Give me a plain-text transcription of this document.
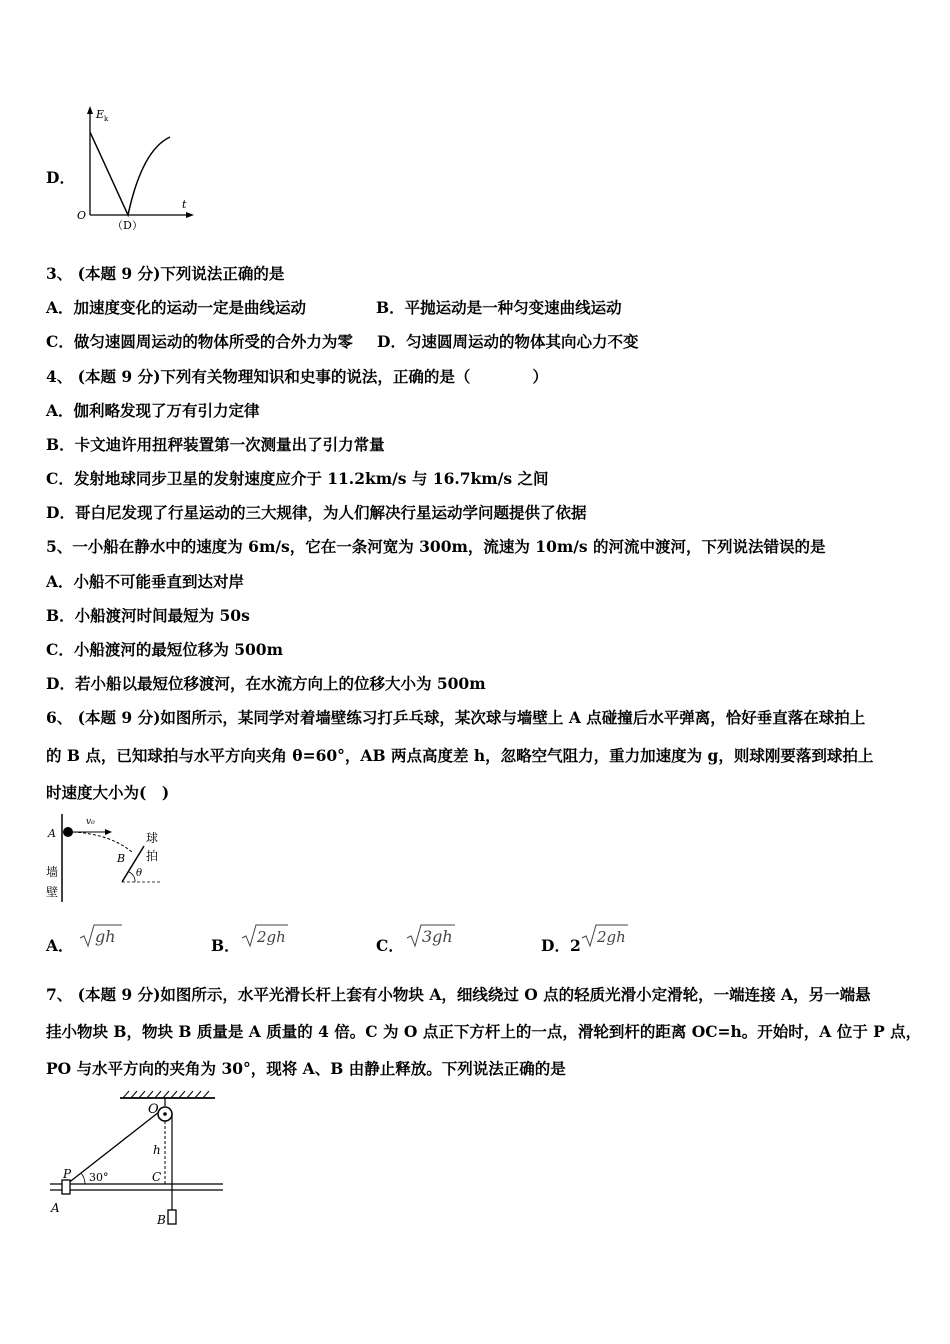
D．
E k
t
O
（D）
3、 (本题 9 分)下列说法正确的是
A．加速度变化的运动一定是曲线运动	B．平抛运动是一种匀变速曲线运动
C．做匀速圆周运动的物体所受的合外力为零 D．匀速圆周运动的物体其向心力不变
4、 (本题 9 分)下列有关物理知识和史事的说法，正确的是（　　　　）
A．伽利略发现了万有引力定律
B．卡文迪许用扭秤装置第一次测量出了引力常量
C．发射地球同步卫星的发射速度应介于 11.2km/s 与 16.7km/s 之间
D．哥白尼发现了行星运动的三大规律，为人们解决行星运动学问题提供了依据
5、一小船在静水中的速度为 6m/s，它在一条河宽为 300m，流速为 10m/s 的河流中渡河，下列说法错误的是
A．小船不可能垂直到达对岸
B．小船渡河时间最短为 50s
C．小船渡河的最短位移为 500m
D．若小船以最短位移渡河，在水流方向上的位移大小为 500m
6、 (本题 9 分)如图所示，某同学对着墙壁练习打乒乓球，某次球与墙壁上 A 点碰撞后水平弹离，恰好垂直落在球拍上
的 B 点，已知球拍与水平方向夹角 θ=60°，AB 两点高度差 h，忽略空气阻力，重力加速度为 g，则球刚要落到球拍上
时速度大小为(　)
A
v₀
B
θ
墙
壁
球
拍
A． gh	B． 2gh	C． 3gh	D．2 2gh
7、 (本题 9 分)如图所示，水平光滑长杆上套有小物块 A，细线绕过 O 点的轻质光滑小定滑轮，一端连接 A，另一端悬
挂小物块 B，物块 B 质量是 A 质量的 4 倍。C 为 O 点正下方杆上的一点，滑轮到杆的距离 OC=h。开始时，A 位于 P 点，
PO 与水平方向的夹角为 30°，现将 A、B 由静止释放。下列说法正确的是
O
h
P 30°	C
A
B
